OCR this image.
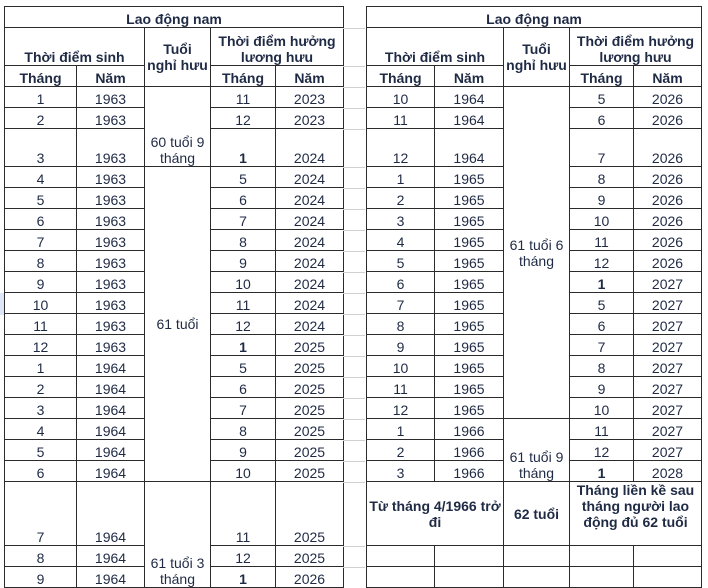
Lao động nam				
Thời điểm sinh		Tuổi nghỉ hưu	Thời điểm hưởng lương hưu	
Tháng	Năm		Tháng	Năm
1	1963	60 tuổi 9 tháng	11	2023
2	1963		12	2023
3	1963		1	2024
4	1963	61 tuổi	5	2024
5	1963		6	2024
6	1963		7	2024
7	1963		8	2024
8	1963		9	2024
9	1963		10	2024
10	1963		11	2024
11	1963		12	2024
12	1963		1	2025
1	1964		5	2025
2	1964		6	2025
3	1964		7	2025
4	1964		8	2025
5	1964		9	2025
6	1964		10	2025
7	1964	61 tuổi 3 tháng	11	2025
8	1964		12	2025
9	1964		1	2026
Lao động nam				
Thời điểm sinh		Tuổi nghỉ hưu	Thời điểm hưởng lương hưu	
Tháng	Năm		Tháng	Năm
10	1964	61 tuổi 6 tháng	5	2026
11	1964		6	2026
12	1964		7	2026
1	1965		8	2026
2	1965		9	2026
3	1965		10	2026
4	1965		11	2026
5	1965		12	2026
6	1965		1	2027
7	1965		5	2027
8	1965		6	2027
9	1965		7	2027
10	1965		8	2027
11	1965		9	2027
12	1965		10	2027
1	1966	61 tuổi 9 tháng	11	2027
2	1966		12	2027
3	1966		1	2028
Từ tháng 4/1966 trở đi		62 tuổi	Tháng liền kề sau tháng người lao động đủ 62 tuổi	
